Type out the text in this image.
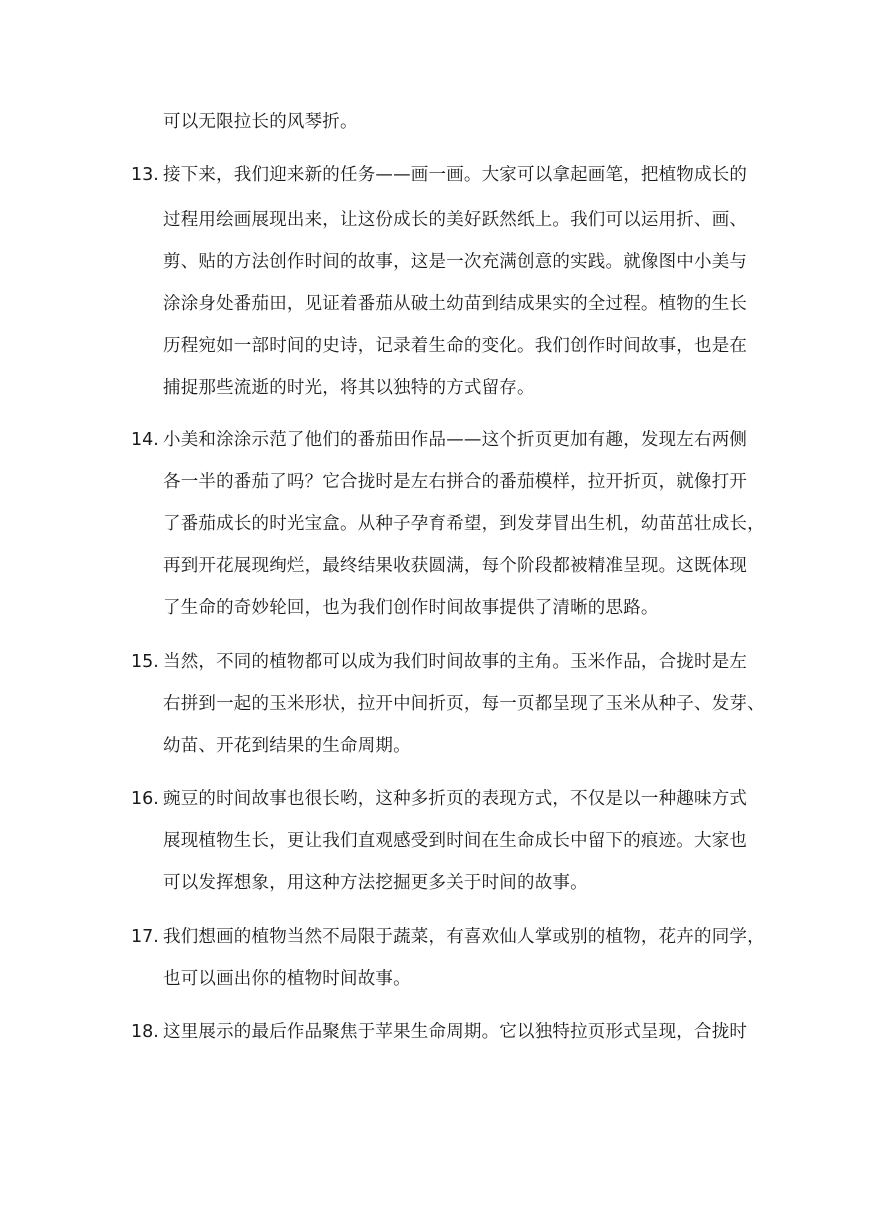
可以无限拉长的风琴折。
13. 接下来，我们迎来新的任务——画一画。大家可以拿起画笔，把植物成长的
过程用绘画展现出来，让这份成长的美好跃然纸上。我们可以运用折、画、
剪、贴的方法创作时间的故事，这是一次充满创意的实践。就像图中小美与
涂涂身处番茄田，见证着番茄从破土幼苗到结成果实的全过程。植物的生长
历程宛如一部时间的史诗，记录着生命的变化。我们创作时间故事，也是在
捕捉那些流逝的时光，将其以独特的方式留存。
14. 小美和涂涂示范了他们的番茄田作品——这个折页更加有趣，发现左右两侧
各一半的番茄了吗？它合拢时是左右拼合的番茄模样，拉开折页，就像打开
了番茄成长的时光宝盒。从种子孕育希望，到发芽冒出生机，幼苗茁壮成长，
再到开花展现绚烂，最终结果收获圆满，每个阶段都被精准呈现。这既体现
了生命的奇妙轮回，也为我们创作时间故事提供了清晰的思路。
15. 当然，不同的植物都可以成为我们时间故事的主角。玉米作品，合拢时是左
右拼到一起的玉米形状，拉开中间折页，每一页都呈现了玉米从种子、发芽、
幼苗、开花到结果的生命周期。
16. 豌豆的时间故事也很长哟，这种多折页的表现方式，不仅是以一种趣味方式
展现植物生长，更让我们直观感受到时间在生命成长中留下的痕迹。大家也
可以发挥想象，用这种方法挖掘更多关于时间的故事。
17. 我们想画的植物当然不局限于蔬菜，有喜欢仙人掌或别的植物，花卉的同学，
也可以画出你的植物时间故事。
18. 这里展示的最后作品聚焦于苹果生命周期。它以独特拉页形式呈现，合拢时
